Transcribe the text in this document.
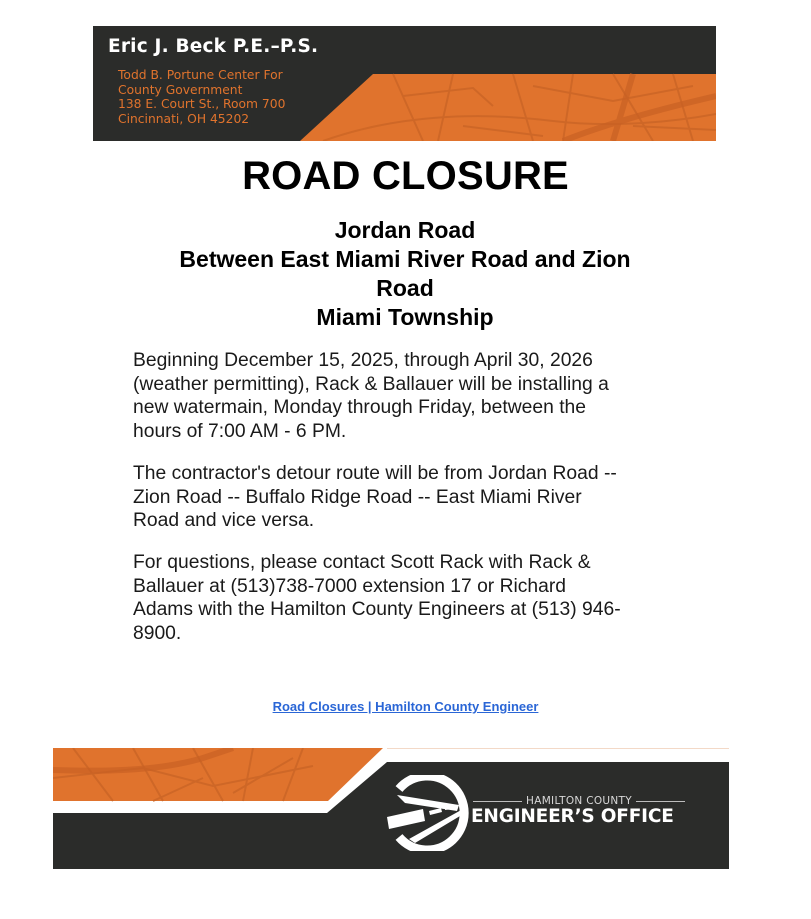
Eric J. Beck P.E.–P.S.
Todd B. Portune Center For
County Government
138 E. Court St., Room 700
Cincinnati, OH 45202
ROAD CLOSURE
Jordan Road
Between East Miami River Road and Zion
Road
Miami Township
Beginning December 15, 2025, through April 30, 2026
(weather permitting), Rack & Ballauer will be installing a
new watermain, Monday through Friday, between the
hours of 7:00 AM - 6 PM.
The contractor's detour route will be from Jordan Road --
Zion Road -- Buffalo Ridge Road -- East Miami River
Road and vice versa.
For questions, please contact Scott Rack with Rack &
Ballauer at (513)738-7000 extension 17 or Richard
Adams with the Hamilton County Engineers at (513) 946-
8900.
Road Closures | Hamilton County Engineer
HAMILTON COUNTY
ENGINEER’S OFFICE
